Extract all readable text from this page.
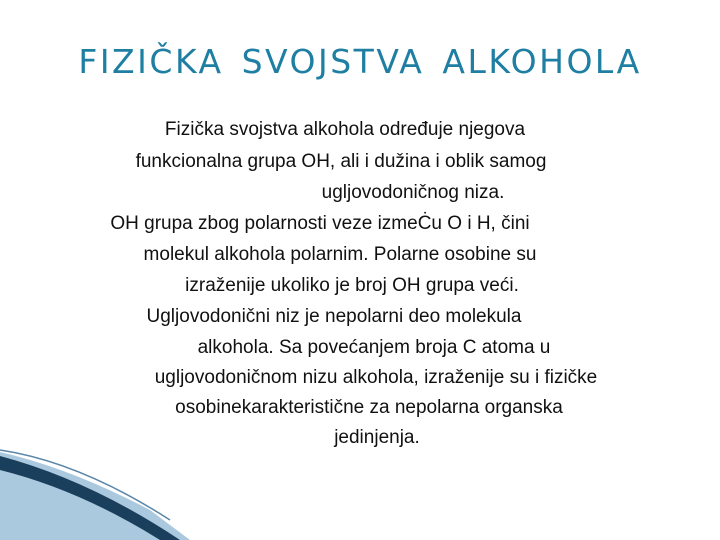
FIZIČKA SVOJSTVA ALKOHOLA
Fizička svojstva alkohola određuje njegova
funkcionalna grupa OH, ali i dužina i oblik samog
ugljovodoničnog niza.
OH grupa zbog polarnosti veze izmeĊu O i H, čini
molekul alkohola polarnim. Polarne osobine su
izraženije ukoliko je broj OH grupa veći.
Ugljovodonični niz je nepolarni deo molekula
alkohola. Sa povećanjem broja C atoma u
ugljovodoničnom nizu alkohola, izraženije su i fizičke
osobinekarakteristične za nepolarna organska
jedinjenja.
